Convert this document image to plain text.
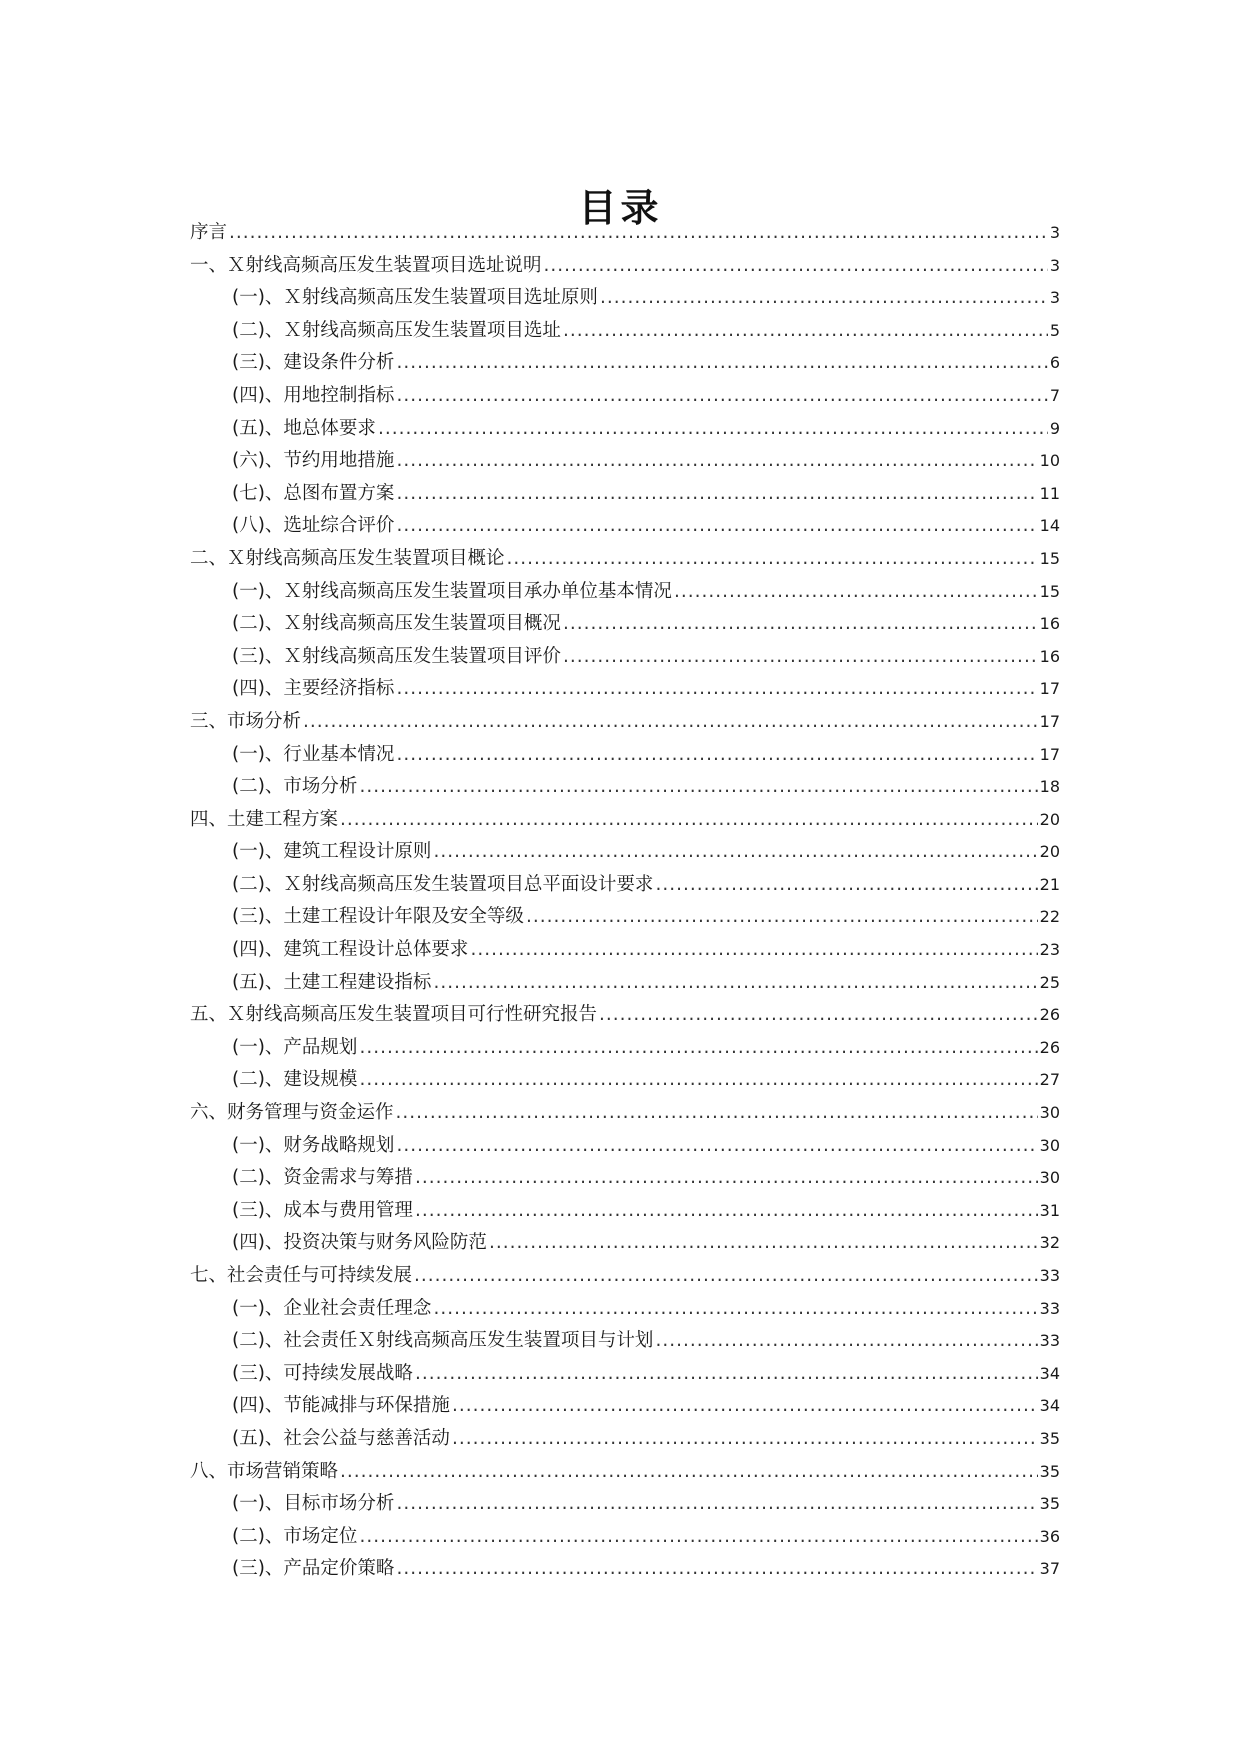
目录
序言 .....	3
一、Ｘ射线高频高压发生装置项目选址说明 .....	3
(一)、Ｘ射线高频高压发生装置项目选址原则 .....	3
(二)、Ｘ射线高频高压发生装置项目选址 .....	5
(三)、建设条件分析 .....	6
(四)、用地控制指标 .....	7
(五)、地总体要求 .....	9
(六)、节约用地措施 .....	10
(七)、总图布置方案 .....	11
(八)、选址综合评价 .....	14
二、Ｘ射线高频高压发生装置项目概论 .....	15
(一)、Ｘ射线高频高压发生装置项目承办单位基本情况 .....	15
(二)、Ｘ射线高频高压发生装置项目概况 .....	16
(三)、Ｘ射线高频高压发生装置项目评价 .....	16
(四)、主要经济指标 .....	17
三、市场分析 .....	17
(一)、行业基本情况 .....	17
(二)、市场分析 .....	18
四、土建工程方案 .....	20
(一)、建筑工程设计原则 .....	20
(二)、Ｘ射线高频高压发生装置项目总平面设计要求 .....	21
(三)、土建工程设计年限及安全等级 .....	22
(四)、建筑工程设计总体要求 .....	23
(五)、土建工程建设指标 .....	25
五、Ｘ射线高频高压发生装置项目可行性研究报告 .....	26
(一)、产品规划 .....	26
(二)、建设规模 .....	27
六、财务管理与资金运作 .....	30
(一)、财务战略规划 .....	30
(二)、资金需求与筹措 .....	30
(三)、成本与费用管理 .....	31
(四)、投资决策与财务风险防范 .....	32
七、社会责任与可持续发展 .....	33
(一)、企业社会责任理念 .....	33
(二)、社会责任Ｘ射线高频高压发生装置项目与计划 .....	33
(三)、可持续发展战略 .....	34
(四)、节能减排与环保措施 .....	34
(五)、社会公益与慈善活动 .....	35
八、市场营销策略 .....	35
(一)、目标市场分析 .....	35
(二)、市场定位 .....	36
(三)、产品定价策略 .....	37
